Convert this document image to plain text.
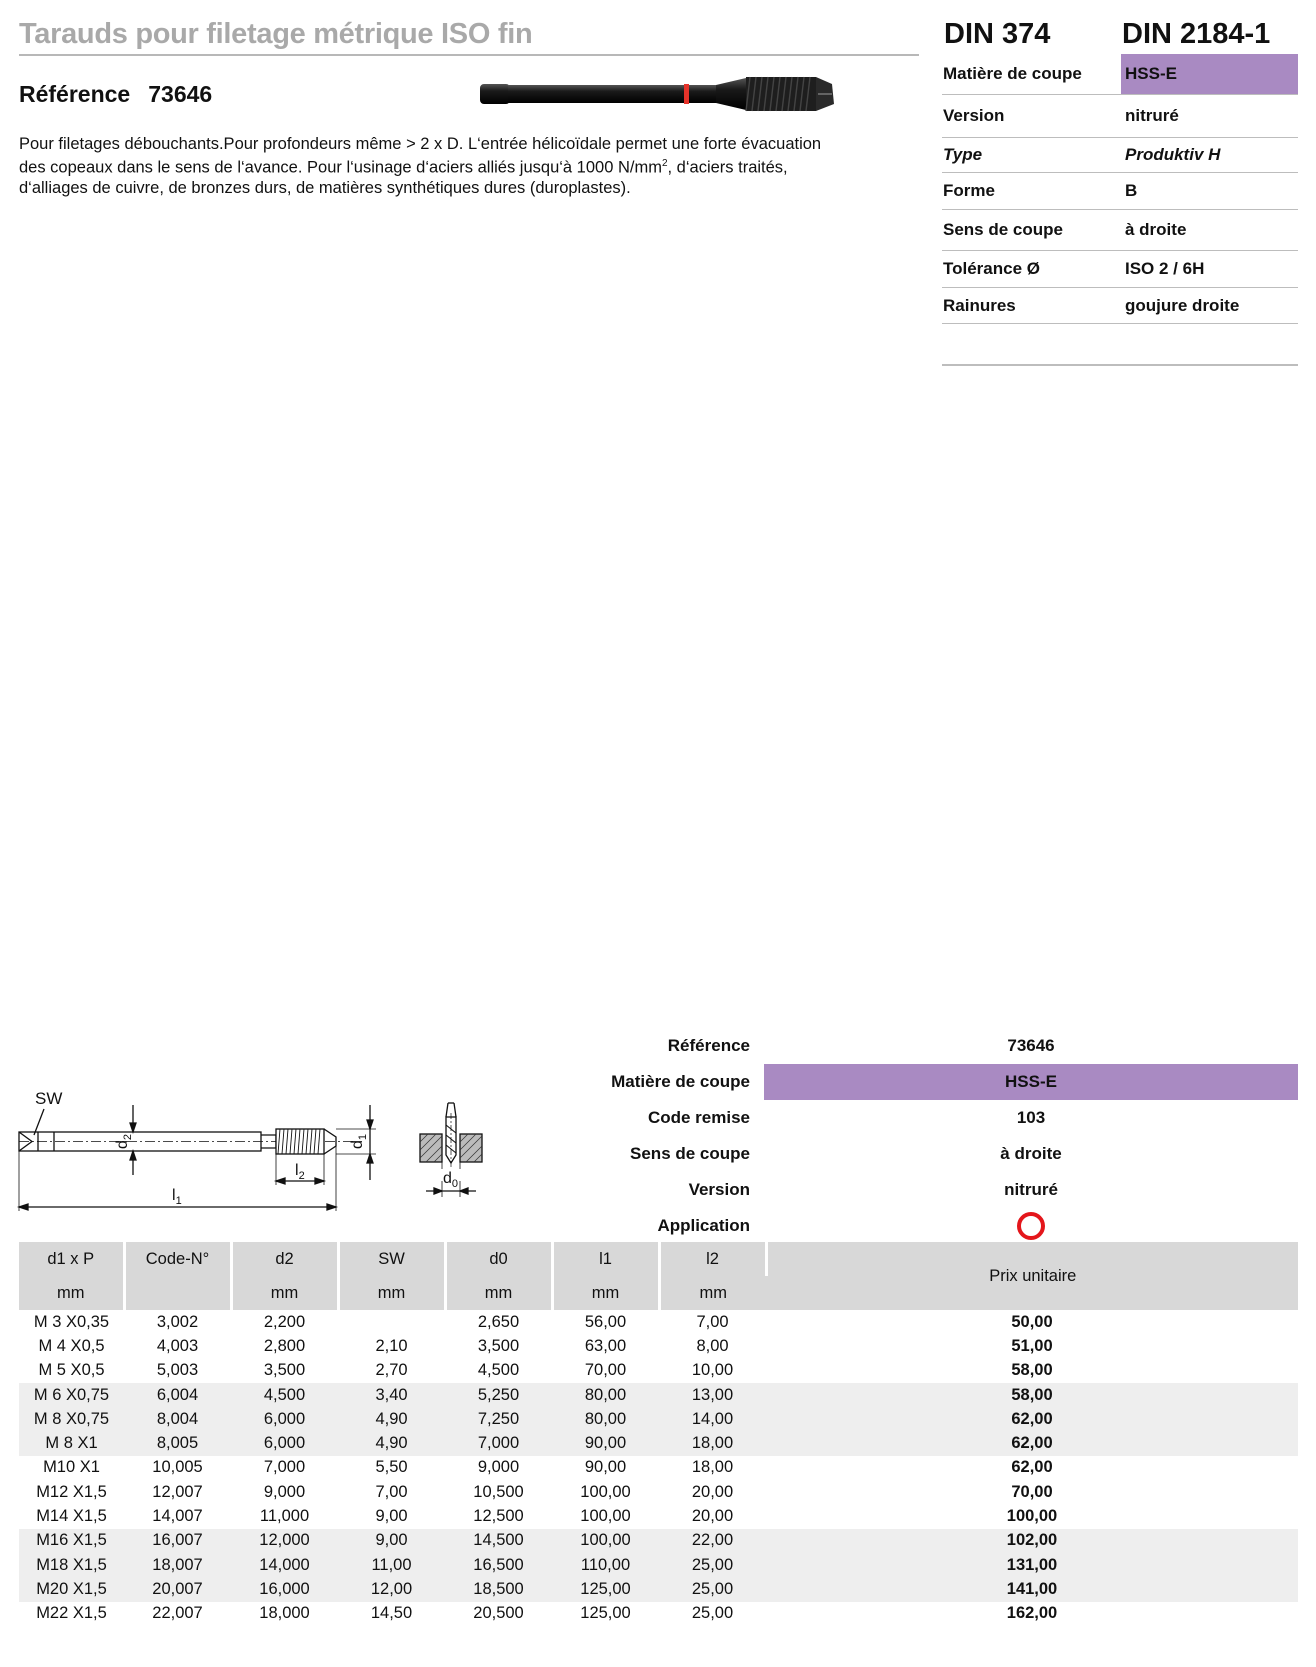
Tarauds pour filetage métrique ISO fin	DIN 374 DIN 2184-1
Référence 73646
Pour filetages débouchants.Pour profondeurs même > 2 x D. L‘entrée hélicoïdale permet une forte évacuation
des copeaux dans le sens de l‘avance. Pour l‘usinage d‘aciers alliés jusqu‘à 1000 $N/mm^2$, d‘aciers traités,
d‘alliages de cuivre, de bronzes durs, de matières synthétiques dures (duroplastes).
Matière de coupe	HSS-E
Version	nitruré
Type	Produktiv H
Forme	B
Sens de coupe	à droite
Tolérance Ø	ISO 2 / 6H
Rainures	goujure droite
Référence	73646
Matière de coupe	HSS-E
Code remise	103
Sens de coupe	à droite
Version	nitruré
Application
SW
$d_2$
$d_1$
$l_2$
$l_1$
$d_0$
d1 x P	Code-N°	d2	SW	d0	l1	l2	Prix unitaire
mm		mm	mm	mm	mm	mm	
M 3 X0,35	3,002	2,200		2,650	56,00	7,00	50,00
M 4 X0,5	4,003	2,800	2,10	3,500	63,00	8,00	51,00
M 5 X0,5	5,003	3,500	2,70	4,500	70,00	10,00	58,00
M 6 X0,75	6,004	4,500	3,40	5,250	80,00	13,00	58,00
M 8 X0,75	8,004	6,000	4,90	7,250	80,00	14,00	62,00
M 8 X1	8,005	6,000	4,90	7,000	90,00	18,00	62,00
M10 X1	10,005	7,000	5,50	9,000	90,00	18,00	62,00
M12 X1,5	12,007	9,000	7,00	10,500	100,00	20,00	70,00
M14 X1,5	14,007	11,000	9,00	12,500	100,00	20,00	100,00
M16 X1,5	16,007	12,000	9,00	14,500	100,00	22,00	102,00
M18 X1,5	18,007	14,000	11,00	16,500	110,00	25,00	131,00
M20 X1,5	20,007	16,000	12,00	18,500	125,00	25,00	141,00
M22 X1,5	22,007	18,000	14,50	20,500	125,00	25,00	162,00
